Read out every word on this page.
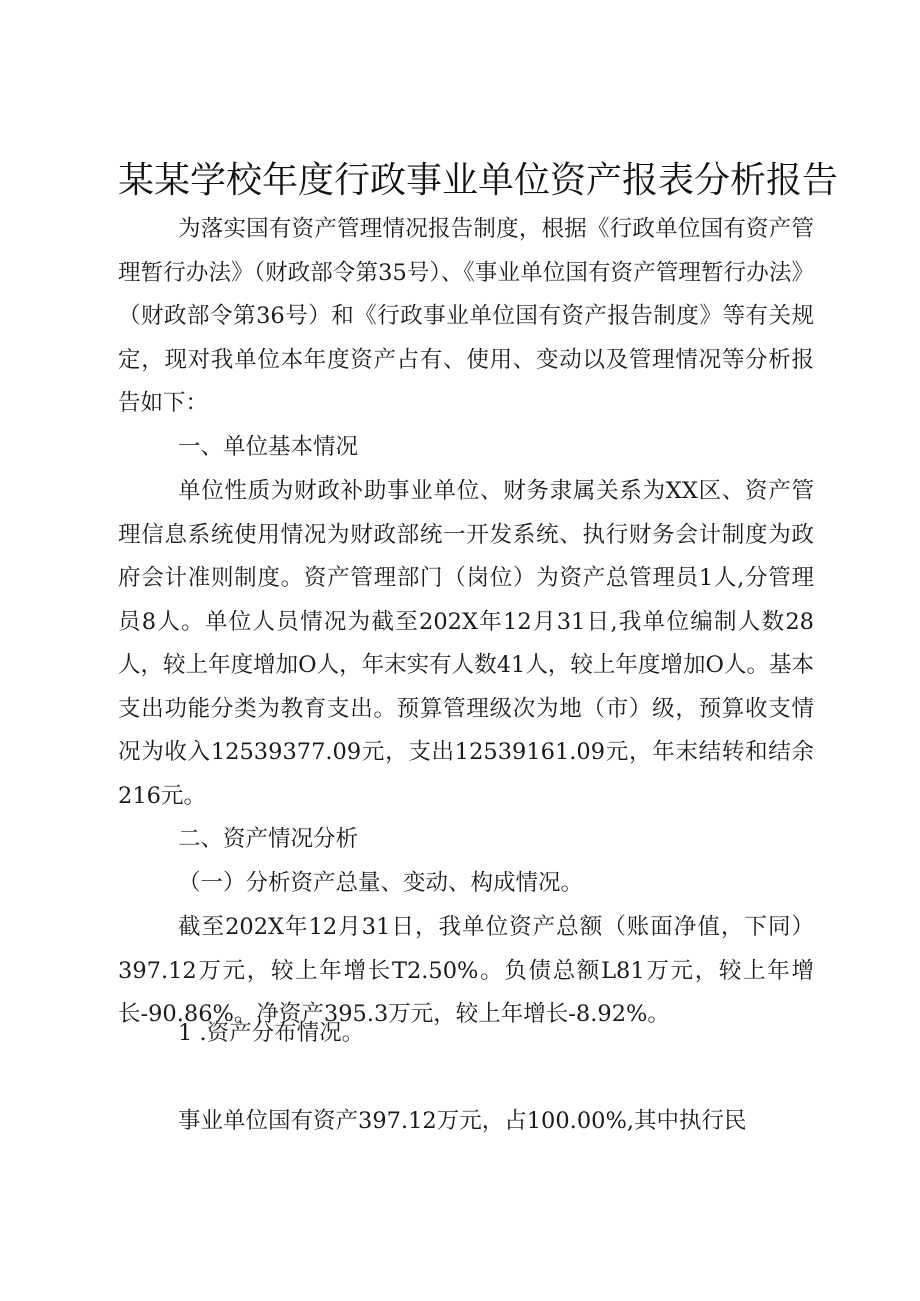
某某学校年度行政事业单位资产报表分析报告
为落实国有资产管理情况报告制度，根据《行政单位国有资产管理暂行办法》（财政部令第35号）、《事业单位国有资产管理暂行办法》（财政部令第36号）和《行政事业单位国有资产报告制度》等有关规定，现对我单位本年度资产占有、使用、变动以及管理情况等分析报告如下：
一、单位基本情况
单位性质为财政补助事业单位、财务隶属关系为XX区、资产管理信息系统使用情况为财政部统一开发系统、执行财务会计制度为政府会计准则制度。资产管理部门（岗位）为资产总管理员1人,分管理员8人。单位人员情况为截至202X年12月31日,我单位编制人数28人，较上年度增加O人，年末实有人数41人，较上年度增加O人。基本支出功能分类为教育支出。预算管理级次为地（市）级，预算收支情况为收入12539377.09元，支出12539161.09元，年末结转和结余216元。
二、资产情况分析
（一）分析资产总量、变动、构成情况。
截至202X年12月31日，我单位资产总额（账面净值，下同）397.12万元，较上年增长T2.50%。负债总额L81万元，较上年增长-90.86%。净资产395.3万元，较上年增长-8.92%。
1 .资产分布情况。
事业单位国有资产397.12万元，占100.00%,其中执行民
